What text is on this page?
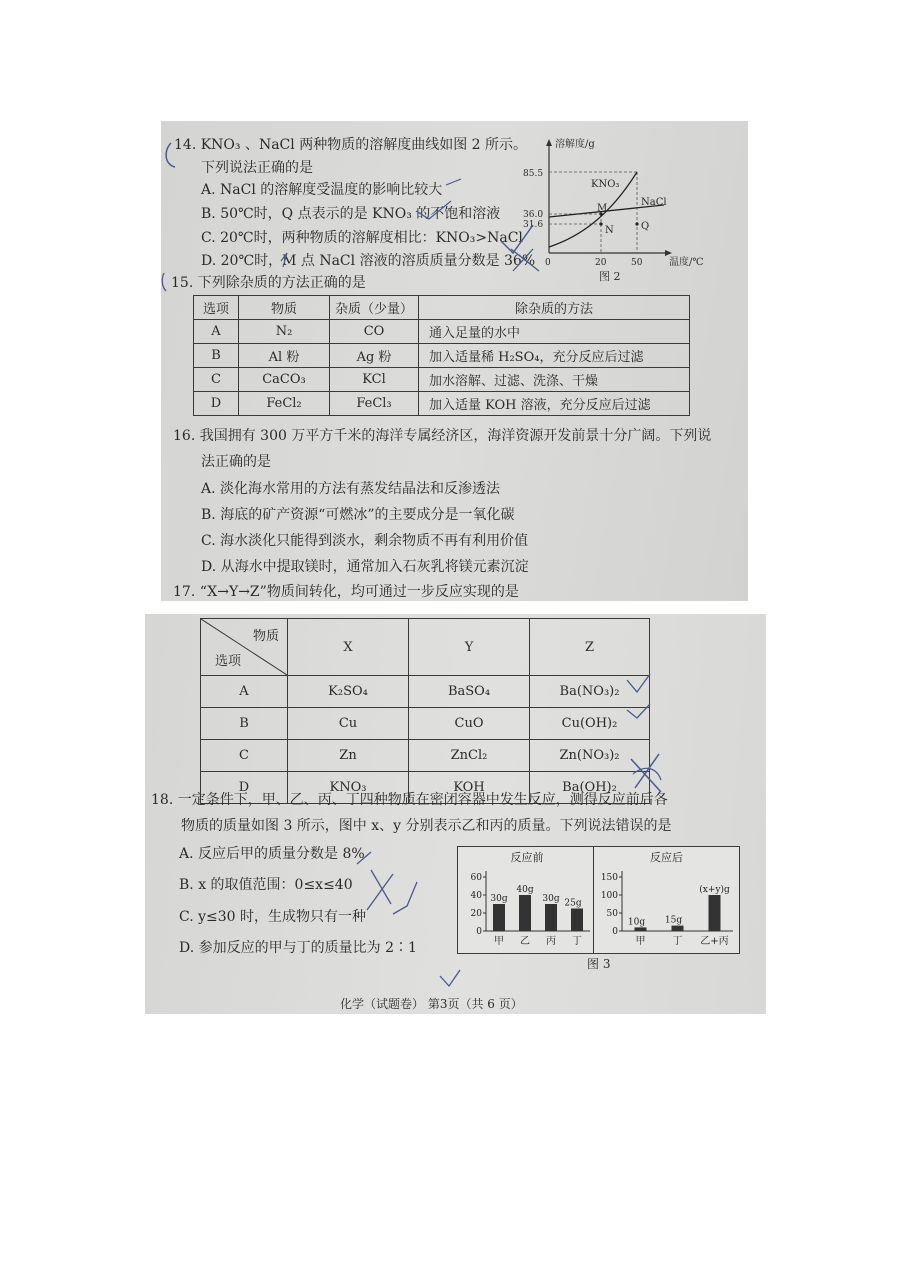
14. KNO₃ 、NaCl 两种物质的溶解度曲线如图 2 所示。
下列说法正确的是
A. NaCl 的溶解度受温度的影响比较大
B. 50℃时，Q 点表示的是 KNO₃ 的不饱和溶液
C. 20℃时，两种物质的溶解度相比：KNO₃>NaCl
D. 20℃时，M 点 NaCl 溶液的溶质质量分数是 36%
溶解度/g
85.5
36.0
31.6
0	20	50	温度/℃
KNO₃
NaCl
M
N	Q
图 2
15. 下列除杂质的方法正确的是
选项	物质	杂质（少量）	除杂质的方法
A	N₂	CO	通入足量的水中
B	Al 粉	Ag 粉	加入适量稀 H₂SO₄，充分反应后过滤
C	CaCO₃	KCl	加水溶解、过滤、洗涤、干燥
D	FeCl₂	FeCl₃	加入适量 KOH 溶液，充分反应后过滤
16. 我国拥有 300 万平方千米的海洋专属经济区，海洋资源开发前景十分广阔。下列说
法正确的是
A. 淡化海水常用的方法有蒸发结晶法和反渗透法
B. 海底的矿产资源“可燃冰”的主要成分是一氧化碳
C. 海水淡化只能得到淡水，剩余物质不再有利用价值
D. 从海水中提取镁时，通常加入石灰乳将镁元素沉淀
17. “X→Y→Z”物质间转化，均可通过一步反应实现的是
物质
选项	X	Y	Z
A	K₂SO₄	BaSO₄	Ba(NO₃)₂
B	Cu	CuO	Cu(OH)₂
C	Zn	ZnCl₂	Zn(NO₃)₂
D	KNO₃	KOH	Ba(OH)₂
18. 一定条件下，甲、乙、丙、丁四种物质在密闭容器中发生反应，测得反应前后各
物质的质量如图 3 所示，图中 x、y 分别表示乙和丙的质量。下列说法错误的是
A. 反应后甲的质量分数是 8%
B. x 的取值范围：0≤x≤40
C. y≤30 时，生成物只有一种
D. 参加反应的甲与丁的质量比为 2∶1
反应前
60
40
20
0
30g
甲
40g
乙
30g
丙
25g
丁
反应后
150
100
50
0
10g
甲
15g
丁
(x+y)g
乙+丙
图 3
化学（试题卷） 第3页（共 6 页）
